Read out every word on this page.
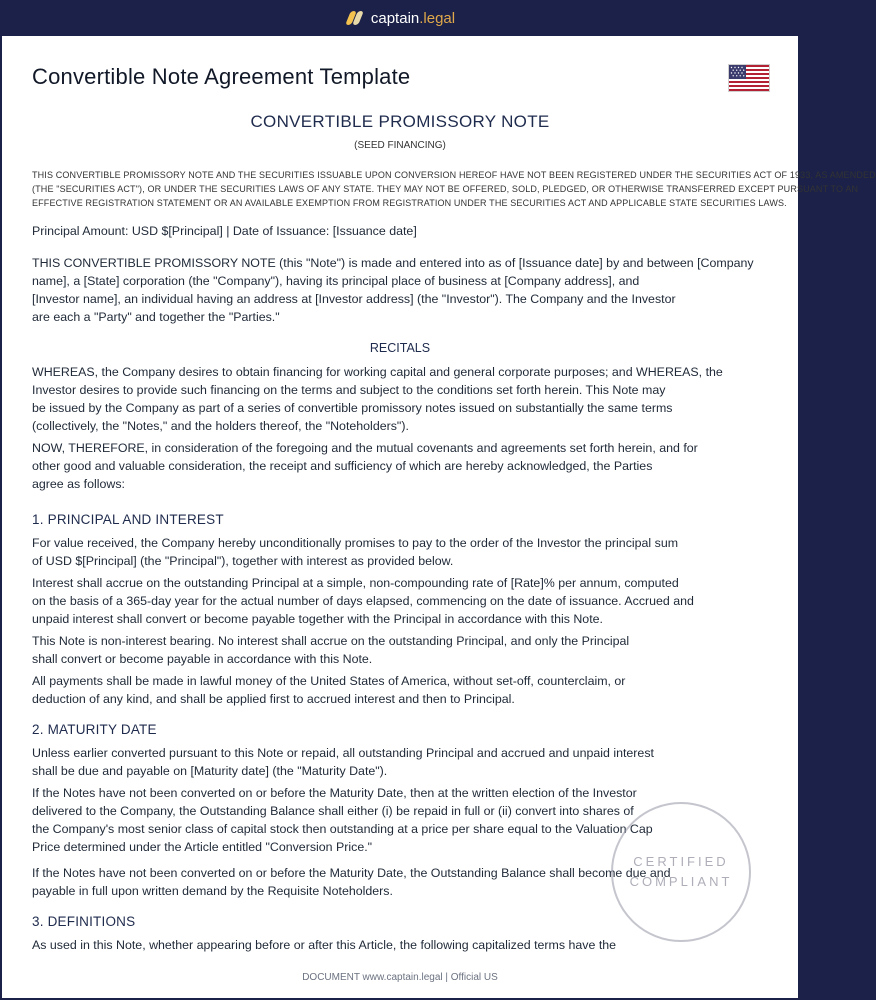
captain.legal
Convertible Note Agreement Template
CONVERTIBLE PROMISSORY NOTE
(SEED FINANCING)
THIS CONVERTIBLE PROMISSORY NOTE AND THE SECURITIES ISSUABLE UPON CONVERSION HEREOF HAVE NOT BEEN REGISTERED UNDER THE SECURITIES ACT OF 1933, AS AMENDED
(THE "SECURITIES ACT"), OR UNDER THE SECURITIES LAWS OF ANY STATE. THEY MAY NOT BE OFFERED, SOLD, PLEDGED, OR OTHERWISE TRANSFERRED EXCEPT PURSUANT TO AN
EFFECTIVE REGISTRATION STATEMENT OR AN AVAILABLE EXEMPTION FROM REGISTRATION UNDER THE SECURITIES ACT AND APPLICABLE STATE SECURITIES LAWS.
Principal Amount: USD $[Principal] | Date of Issuance: [Issuance date]
THIS CONVERTIBLE PROMISSORY NOTE (this "Note") is made and entered into as of [Issuance date] by and between [Company
name], a [State] corporation (the "Company"), having its principal place of business at [Company address], and
[Investor name], an individual having an address at [Investor address] (the "Investor"). The Company and the Investor
are each a "Party" and together the "Parties."
RECITALS
WHEREAS, the Company desires to obtain financing for working capital and general corporate purposes; and WHEREAS, the
Investor desires to provide such financing on the terms and subject to the conditions set forth herein. This Note may
be issued by the Company as part of a series of convertible promissory notes issued on substantially the same terms
(collectively, the "Notes," and the holders thereof, the "Noteholders").
NOW, THEREFORE, in consideration of the foregoing and the mutual covenants and agreements set forth herein, and for
other good and valuable consideration, the receipt and sufficiency of which are hereby acknowledged, the Parties
agree as follows:
1. PRINCIPAL AND INTEREST
For value received, the Company hereby unconditionally promises to pay to the order of the Investor the principal sum
of USD $[Principal] (the "Principal"), together with interest as provided below.
Interest shall accrue on the outstanding Principal at a simple, non-compounding rate of [Rate]% per annum, computed
on the basis of a 365-day year for the actual number of days elapsed, commencing on the date of issuance. Accrued and
unpaid interest shall convert or become payable together with the Principal in accordance with this Note.
This Note is non-interest bearing. No interest shall accrue on the outstanding Principal, and only the Principal
shall convert or become payable in accordance with this Note.
All payments shall be made in lawful money of the United States of America, without set-off, counterclaim, or
deduction of any kind, and shall be applied first to accrued interest and then to Principal.
2. MATURITY DATE
Unless earlier converted pursuant to this Note or repaid, all outstanding Principal and accrued and unpaid interest
shall be due and payable on [Maturity date] (the "Maturity Date").
If the Notes have not been converted on or before the Maturity Date, then at the written election of the Investor
delivered to the Company, the Outstanding Balance shall either (i) be repaid in full or (ii) convert into shares of
the Company's most senior class of capital stock then outstanding at a price per share equal to the Valuation Cap
Price determined under the Article entitled "Conversion Price."
If the Notes have not been converted on or before the Maturity Date, the Outstanding Balance shall become due and
payable in full upon written demand by the Requisite Noteholders.
3. DEFINITIONS
As used in this Note, whether appearing before or after this Article, the following capitalized terms have the
CERTIFIED
COMPLIANT
DOCUMENT www.captain.legal | Official US
